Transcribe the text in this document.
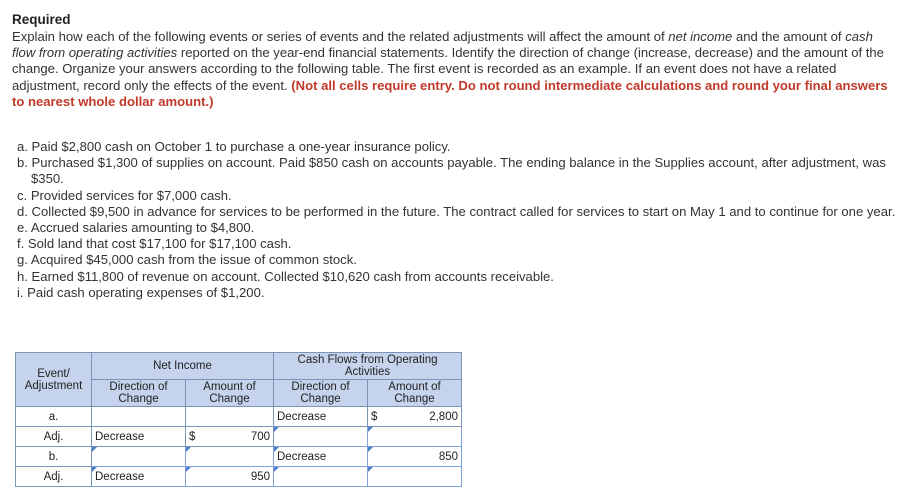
Required
Explain how each of the following events or series of events and the related adjustments will affect the amount of net income and the amount of cash flow from operating activities reported on the year-end financial statements. Identify the direction of change (increase, decrease) and the amount of the change. Organize your answers according to the following table. The first event is recorded as an example. If an event does not have a related adjustment, record only the effects of the event. (Not all cells require entry. Do not round intermediate calculations and round your final answers to nearest whole dollar amount.)
a. Paid $2,800 cash on October 1 to purchase a one-year insurance policy.
b. Purchased $1,300 of supplies on account. Paid $850 cash on accounts payable. The ending balance in the Supplies account, after adjustment, was $350.
c. Provided services for $7,000 cash.
d. Collected $9,500 in advance for services to be performed in the future. The contract called for services to start on May 1 and to continue for one year.
e. Accrued salaries amounting to $4,800.
f. Sold land that cost $17,100 for $17,100 cash.
g. Acquired $45,000 cash from the issue of common stock.
h. Earned $11,800 of revenue on account. Collected $10,620 cash from accounts receivable.
i. Paid cash operating expenses of $1,200.
Event/ Adjustment	Net Income		Cash Flows from Operating Activities	
	Direction of Change	Amount of Change	Direction of Change	Amount of Change
a.			Decrease	$ 2,800

Adj.	Decrease	$ 700		

b.			Decrease	850

Adj.	Decrease	950		
